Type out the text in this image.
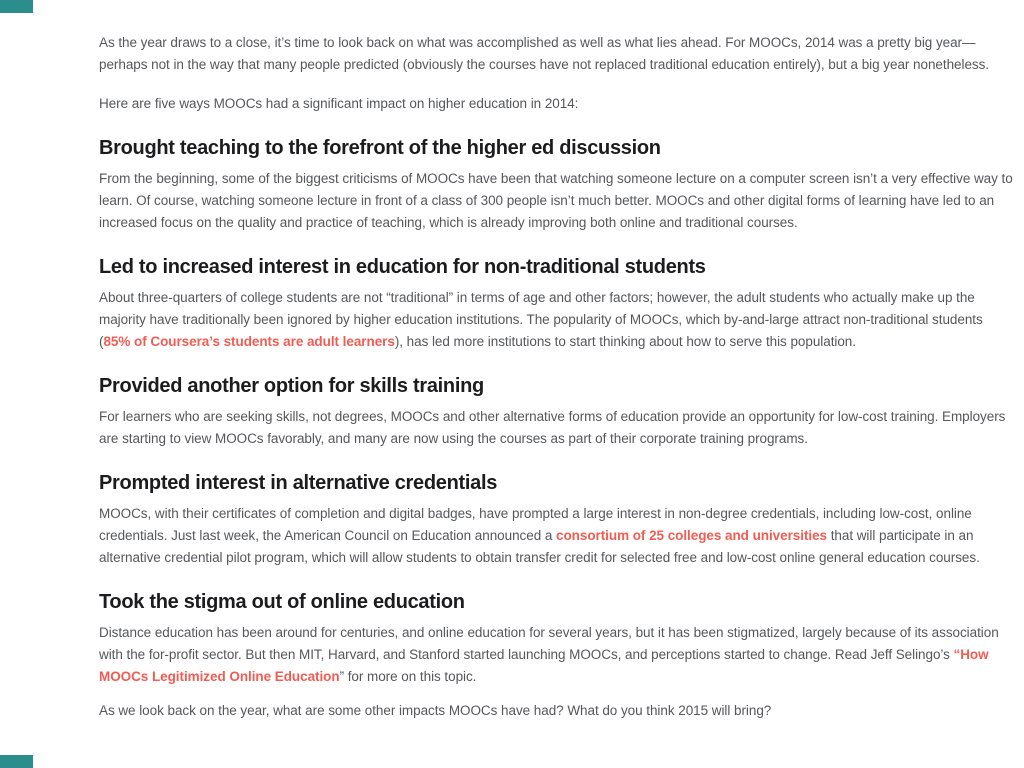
As the year draws to a close, it’s time to look back on what was accomplished as well as what lies ahead. For MOOCs, 2014 was a pretty big year—perhaps not in the way that many people predicted (obviously the courses have not replaced traditional education entirely), but a big year nonetheless.

Here are five ways MOOCs had a significant impact on higher education in 2014:

Brought teaching to the forefront of the higher ed discussion

From the beginning, some of the biggest criticisms of MOOCs have been that watching someone lecture on a computer screen isn’t a very effective way to learn. Of course, watching someone lecture in front of a class of 300 people isn’t much better. MOOCs and other digital forms of learning have led to an increased focus on the quality and practice of teaching, which is already improving both online and traditional courses.

Led to increased interest in education for non-traditional students

About three-quarters of college students are not “traditional” in terms of age and other factors; however, the adult students who actually make up the majority have traditionally been ignored by higher education institutions. The popularity of MOOCs, which by-and-large attract non-traditional students (85% of Coursera’s students are adult learners), has led more institutions to start thinking about how to serve this population.

Provided another option for skills training

For learners who are seeking skills, not degrees, MOOCs and other alternative forms of education provide an opportunity for low-cost training. Employers are starting to view MOOCs favorably, and many are now using the courses as part of their corporate training programs.

Prompted interest in alternative credentials

MOOCs, with their certificates of completion and digital badges, have prompted a large interest in non-degree credentials, including low-cost, online credentials. Just last week, the American Council on Education announced a consortium of 25 colleges and universities that will participate in an alternative credential pilot program, which will allow students to obtain transfer credit for selected free and low-cost online general education courses.

Took the stigma out of online education

Distance education has been around for centuries, and online education for several years, but it has been stigmatized, largely because of its association with the for-profit sector. But then MIT, Harvard, and Stanford started launching MOOCs, and perceptions started to change. Read Jeff Selingo’s “How MOOCs Legitimized Online Education” for more on this topic.

As we look back on the year, what are some other impacts MOOCs have had? What do you think 2015 will bring?
